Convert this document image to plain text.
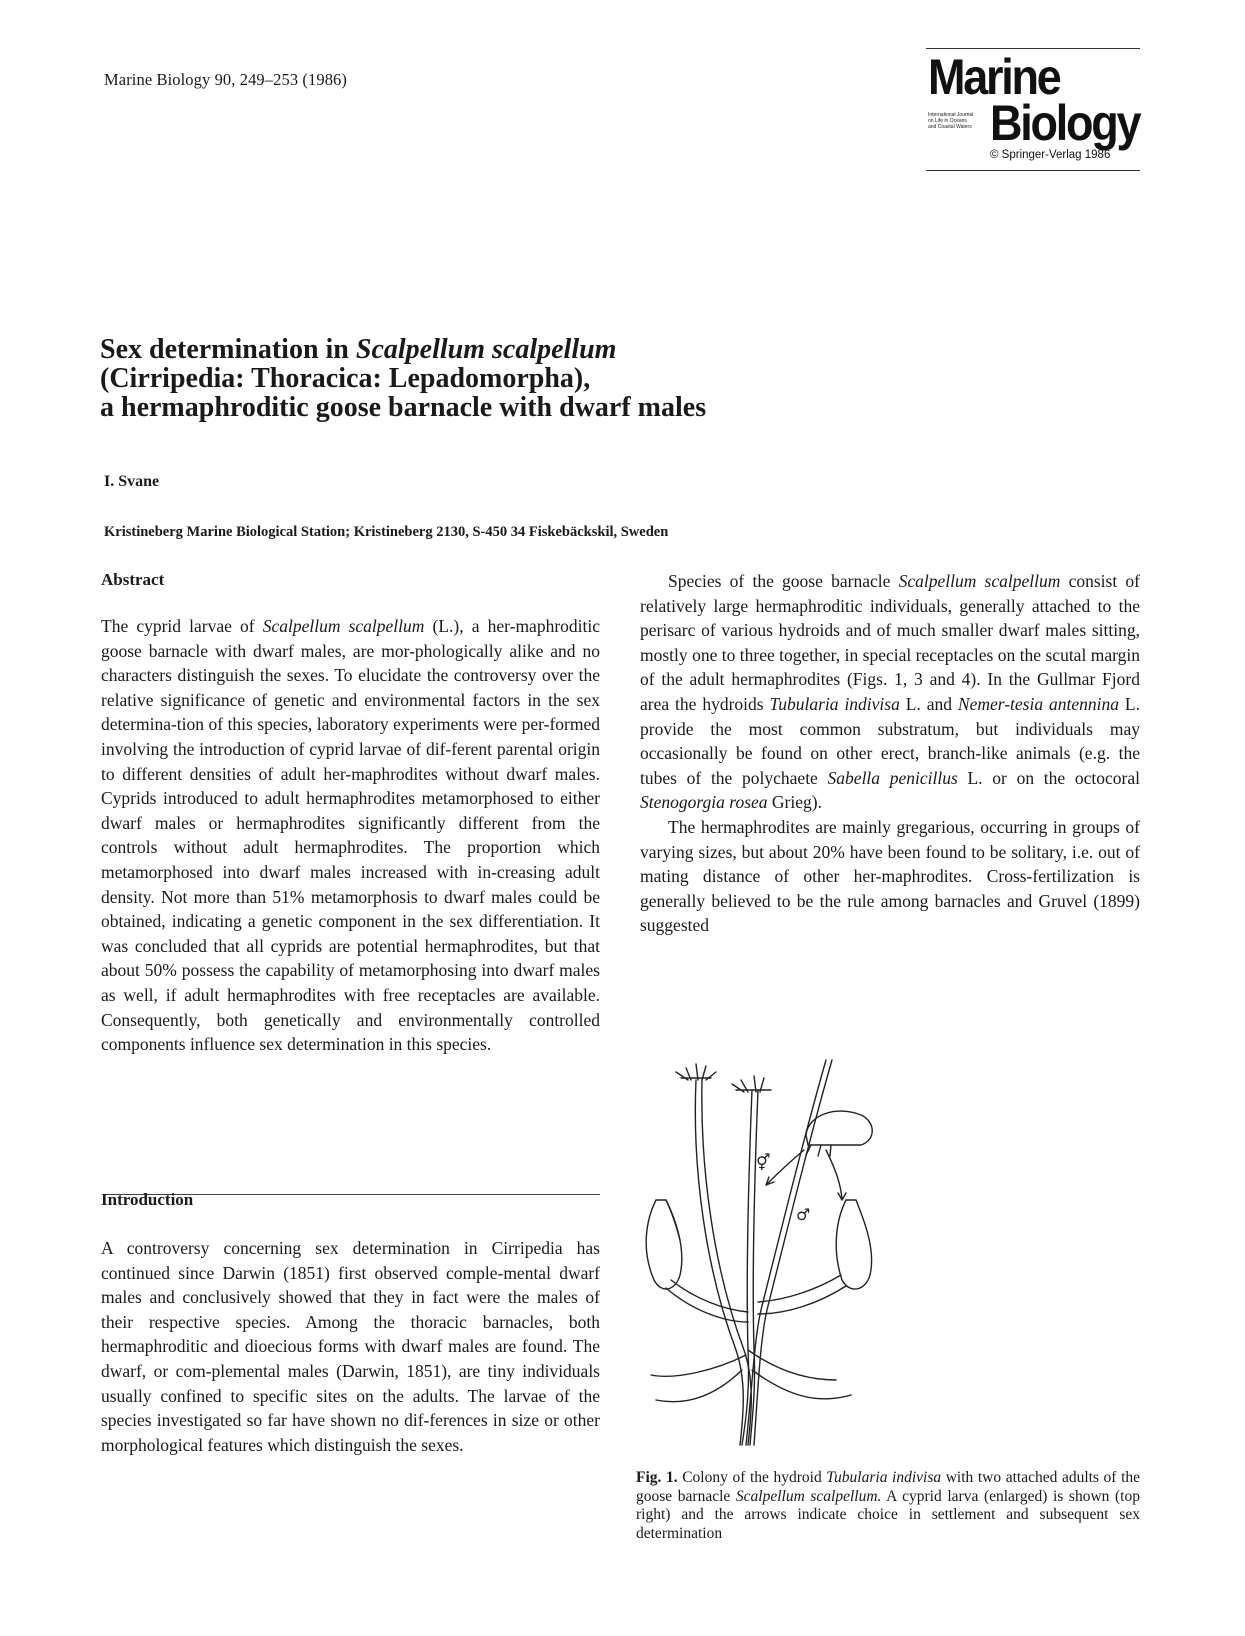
Marine Biology 90, 249–253 (1986)	Marine
International Journal
on Life in Oceans
and Coastal Waters Biology
© Springer-Verlag 1986
Sex determination in Scalpellum scalpellum
(Cirripedia: Thoracica: Lepadomorpha),
a hermaphroditic goose barnacle with dwarf males
I. Svane
Kristineberg Marine Biological Station; Kristineberg 2130, S-450 34 Fiskebäckskil, Sweden
Abstract

The cyprid larvae of Scalpellum scalpellum (L.), a her-maphroditic goose barnacle with dwarf males, are mor-phologically alike and no characters distinguish the sexes. To elucidate the controversy over the relative significance of genetic and environmental factors in the sex determina-tion of this species, laboratory experiments were per-formed involving the introduction of cyprid larvae of dif-ferent parental origin to different densities of adult her-maphrodites without dwarf males. Cyprids introduced to adult hermaphrodites metamorphosed to either dwarf males or hermaphrodites significantly different from the controls without adult hermaphrodites. The proportion which metamorphosed into dwarf males increased with in-creasing adult density. Not more than 51% metamorphosis to dwarf males could be obtained, indicating a genetic component in the sex differentiation. It was concluded that all cyprids are potential hermaphrodites, but that about 50% possess the capability of metamorphosing into dwarf males as well, if adult hermaphrodites with free receptacles are available. Consequently, both genetically and environmentally controlled components influence sex determination in this species.

Introduction

A controversy concerning sex determination in Cirripedia has continued since Darwin (1851) first observed comple-mental dwarf males and conclusively showed that they in fact were the males of their respective species. Among the thoracic barnacles, both hermaphroditic and dioecious forms with dwarf males are found. The dwarf, or com-plemental males (Darwin, 1851), are tiny individuals usually confined to specific sites on the adults. The larvae of the species investigated so far have shown no dif-ferences in size or other morphological features which distinguish the sexes.

Species of the goose barnacle Scalpellum scalpellum consist of relatively large hermaphroditic individuals, generally attached to the perisarc of various hydroids and of much smaller dwarf males sitting, mostly one to three together, in special receptacles on the scutal margin of the adult hermaphrodites (Figs. 1, 3 and 4). In the Gullmar Fjord area the hydroids Tubularia indivisa L. and Nemer-tesia antennina L. provide the most common substratum, but individuals may occasionally be found on other erect, branch-like animals (e.g. the tubes of the polychaete Sabella penicillus L. or on the octocoral Stenogorgia rosea Grieg).

The hermaphrodites are mainly gregarious, occurring in groups of varying sizes, but about 20% have been found to be solitary, i.e. out of mating distance of other her-maphrodites. Cross-fertilization is generally believed to be the rule among barnacles and Gruvel (1899) suggested

⚥
♂
Fig. 1. Colony of the hydroid Tubularia indivisa with two attached adults of the goose barnacle Scalpellum scalpellum. A cyprid larva (enlarged) is shown (top right) and the arrows indicate choice in settlement and subsequent sex determination
